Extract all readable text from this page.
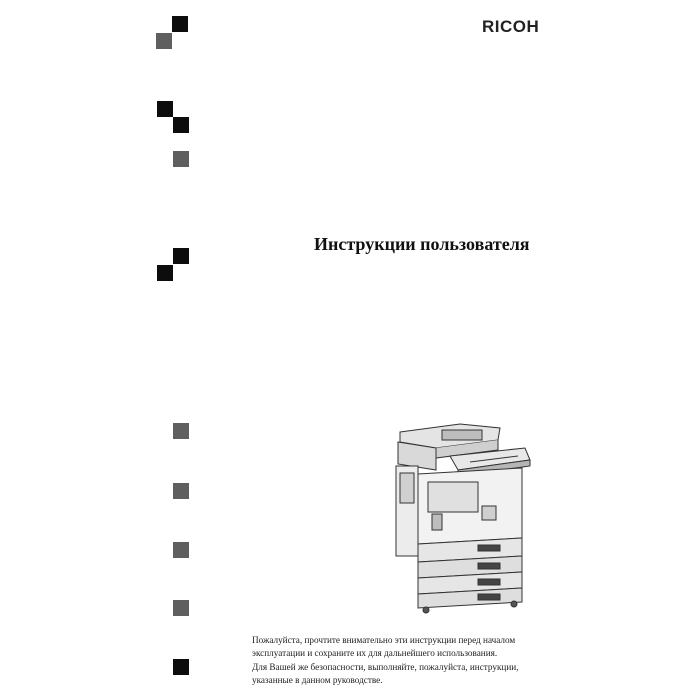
RICOH
Инструкции пользователя

Пожалуйста, прочтите внимательно эти инструкции перед началом

эксплуатации и сохраните их для дальнейшего использования.

Для Вашей же безопасности, выполняйте, пожалуйста, инструкции,

указанные в данном руководстве.
